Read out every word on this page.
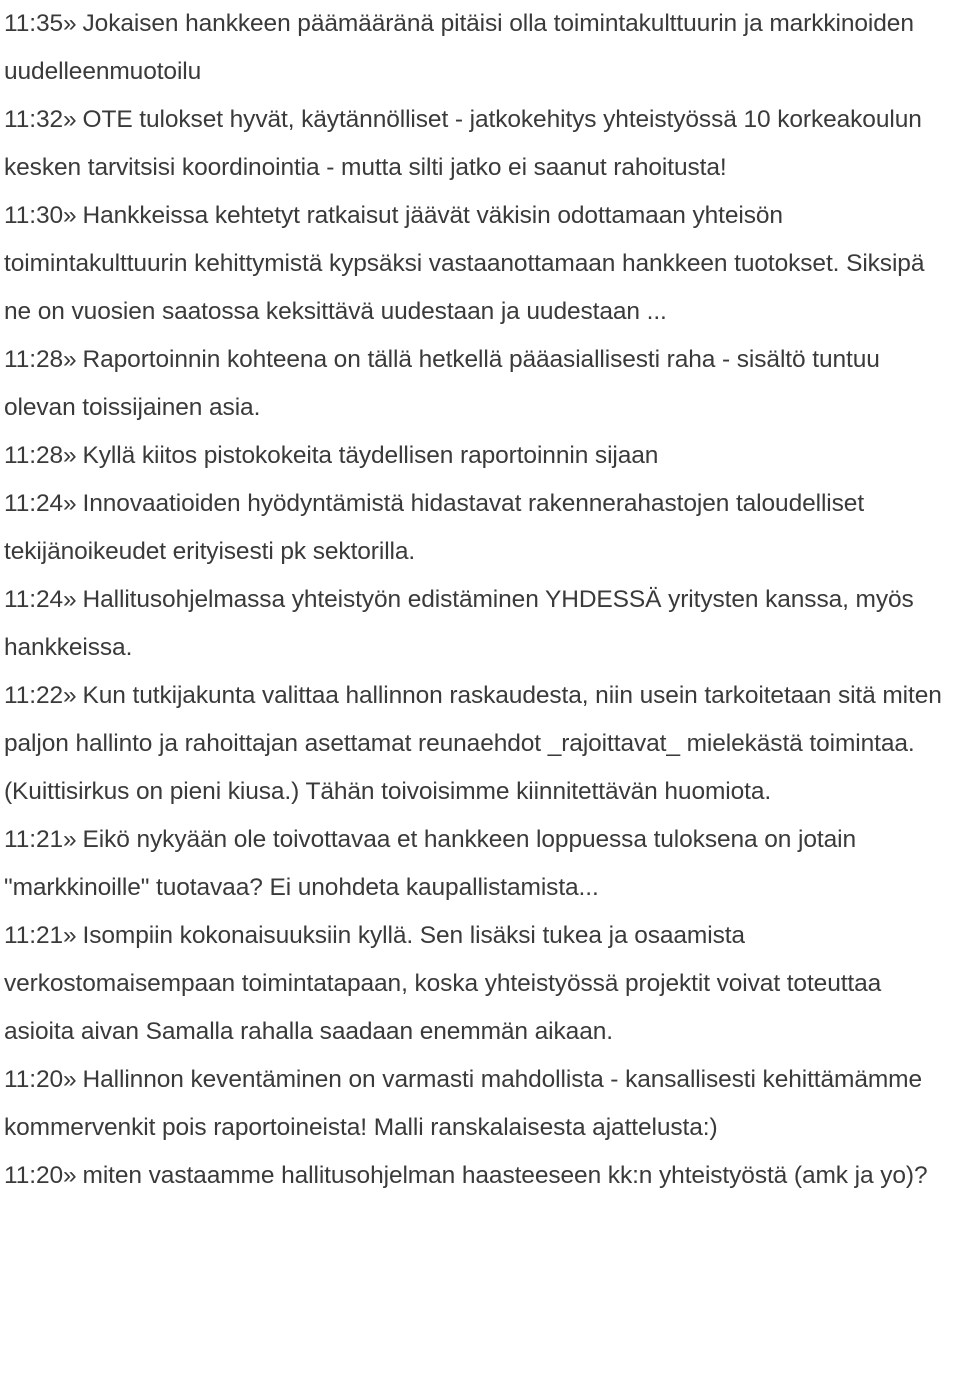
11:35» Jokaisen hankkeen päämääränä pitäisi olla toimintakulttuurin ja markkinoiden uudelleenmuotoilu
11:32» OTE tulokset hyvät, käytännölliset - jatkokehitys yhteistyössä 10 korkeakoulun kesken tarvitsisi koordinointia - mutta silti jatko ei saanut rahoitusta!
11:30» Hankkeissa kehtetyt ratkaisut jäävät väkisin odottamaan yhteisön toimintakulttuurin kehittymistä kypsäksi vastaanottamaan hankkeen tuotokset. Siksipä ne on vuosien saatossa keksittävä uudestaan ja uudestaan ...
11:28» Raportoinnin kohteena on tällä hetkellä pääasiallisesti raha - sisältö tuntuu olevan toissijainen asia.
11:28» Kyllä kiitos pistokokeita täydellisen raportoinnin sijaan
11:24» Innovaatioiden hyödyntämistä hidastavat rakennerahastojen taloudelliset tekijänoikeudet erityisesti pk sektorilla.
11:24» Hallitusohjelmassa yhteistyön edistäminen YHDESSÄ yritysten kanssa, myös hankkeissa.
11:22» Kun tutkijakunta valittaa hallinnon raskaudesta, niin usein tarkoitetaan sitä miten paljon hallinto ja rahoittajan asettamat reunaehdot _rajoittavat_ mielekästä toimintaa. (Kuittisirkus on pieni kiusa.) Tähän toivoisimme kiinnitettävän huomiota.
11:21» Eikö nykyään ole toivottavaa et hankkeen loppuessa tuloksena on jotain "markkinoille" tuotavaa? Ei unohdeta kaupallistamista...
11:21» Isompiin kokonaisuuksiin kyllä. Sen lisäksi tukea ja osaamista verkostomaisempaan toimintatapaan, koska yhteistyössä projektit voivat toteuttaa asioita aivan Samalla rahalla saadaan enemmän aikaan.
11:20» Hallinnon keventäminen on varmasti mahdollista - kansallisesti kehittämämme kommervenkit pois raportoineista! Malli ranskalaisesta ajattelusta:)
11:20» miten vastaamme hallitusohjelman haasteeseen kk:n yhteistyöstä (amk ja yo)?
